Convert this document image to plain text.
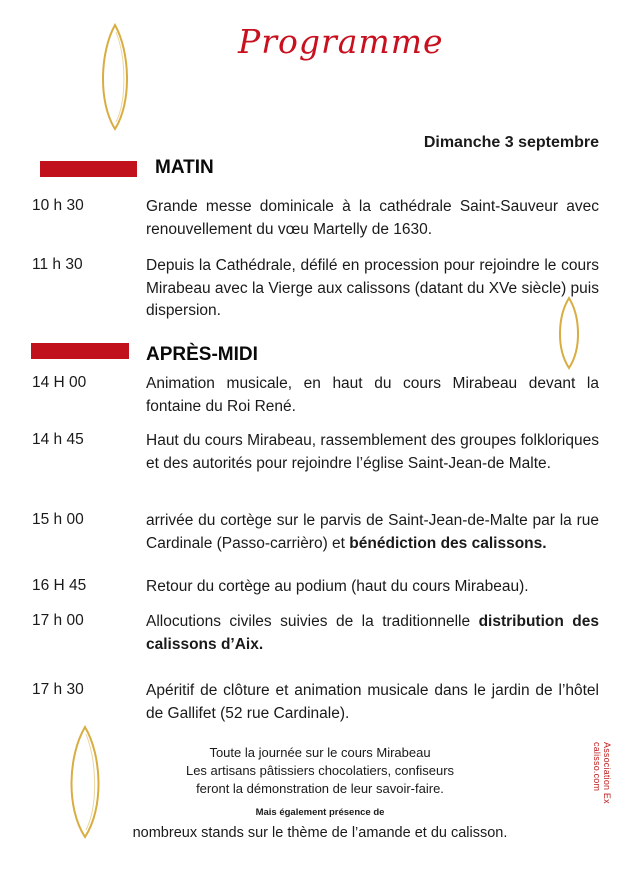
Programme
Dimanche 3 septembre
MATIN
10 h 30	Grande messe dominicale à la cathédrale Saint-Sauveur avec renouvellement du vœu Martelly de 1630.
11 h 30	Depuis la Cathédrale, défilé en procession pour rejoindre le cours Mirabeau avec la Vierge aux calissons (datant du XVe siècle) puis dispersion.
APRÈS-MIDI
14 H 00	Animation musicale, en haut du cours Mirabeau devant la fontaine du Roi René.
14 h 45	Haut du cours Mirabeau, rassemblement des groupes folkloriques et des autorités pour rejoindre l’église Saint-Jean-de Malte.
15 h 00	arrivée du cortège sur le parvis de Saint-Jean-de-Malte par la rue Cardinale (Passo-carrièro) et bénédiction des calissons.
16 H 45	Retour du cortège au podium (haut du cours Mirabeau).
17 h 00	Allocutions civiles suivies de la traditionnelle distribution des calissons d’Aix.
17 h 30	Apéritif de clôture et animation musicale dans le jardin de l’hôtel de Gallifet (52 rue Cardinale).
Toute la journée sur le cours Mirabeau
Les artisans pâtissiers chocolatiers, confiseurs
feront la démonstration de leur savoir-faire.
Mais également présence de
nombreux stands sur le thème de l’amande et du calisson.
Association Ex calisso.com
